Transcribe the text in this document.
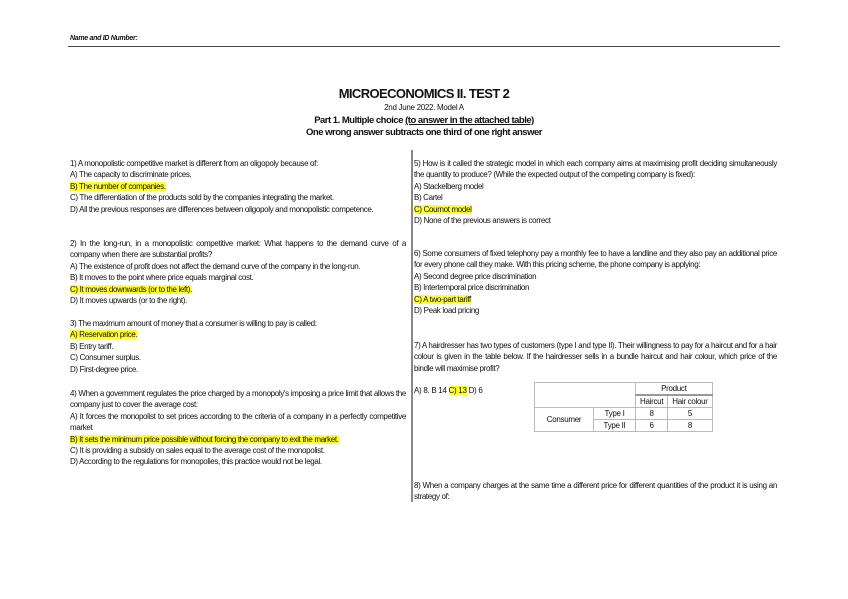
Name and ID Number:
MICROECONOMICS II. TEST 2
2nd June 2022. Model A
Part 1. Multiple choice (to answer in the attached table)
One wrong answer subtracts one third of one right answer

1) A monopolistic competitive market is different from an oligopoly because of:

A) The capacity to discriminate prices.

B) The number of companies.

C) The differentiation of the products sold by the companies integrating the market.

D) All the previous responses are differences between oligopoly and monopolistic competence.

2) In the long-run, in a monopolistic competitive market: What happens to the demand curve of a company when there are substantial profits?

A) The existence of profit does not affect the demand curve of the company in the long-run.

B) It moves to the point where price equals marginal cost.

C) It moves downwards (or to the left).

D) It moves upwards (or to the right).

3) The maximum amount of money that a consumer is willing to pay is called:

A) Reservation price.

B) Entry tariff.

C) Consumer surplus.

D) First-degree price.

4) When a government regulates the price charged by a monopoly's imposing a price limit that allows the company just to cover the average cost:

A) It forces the monopolist to set prices according to the criteria of a company in a perfectly competitive market

B) It sets the minimum price possible without forcing the company to exit the market.

C) It is providing a subsidy on sales equal to the average cost of the monopolist.

D) According to the regulations for monopolies, this practice would not be legal.

5) How is it called the strategic model in which each company aims at maximising profit deciding simultaneously the quantity to produce? (While the expected output of the competing company is fixed):

A) Stackelberg model

B) Cartel

C) Cournot model

D) None of the previous answers is correct

6) Some consumers of fixed telephony pay a monthly fee to have a landline and they also pay an additional price for every phone call they make. With this pricing scheme, the phone company is applying:

A) Second degree price discrimination

B) Intertemporal price discrimination

C) A two-part tariff

D) Peak load pricing

7) A hairdresser has two types of customers (type I and type II). Their willingness to pay for a haircut and for a hair colour is given in the table below. If the hairdresser sells in a bundle haircut and hair colour, which price of the bindle will maximise profit?

8) When a company charges at the same time a different price for different quantities of the product it is using an strategy of:

A) 8. B 14 C) 13 D) 6
		Product	
		Haircut	Hair colour
Consumer	Type I	8	5
	Type II	6	8
